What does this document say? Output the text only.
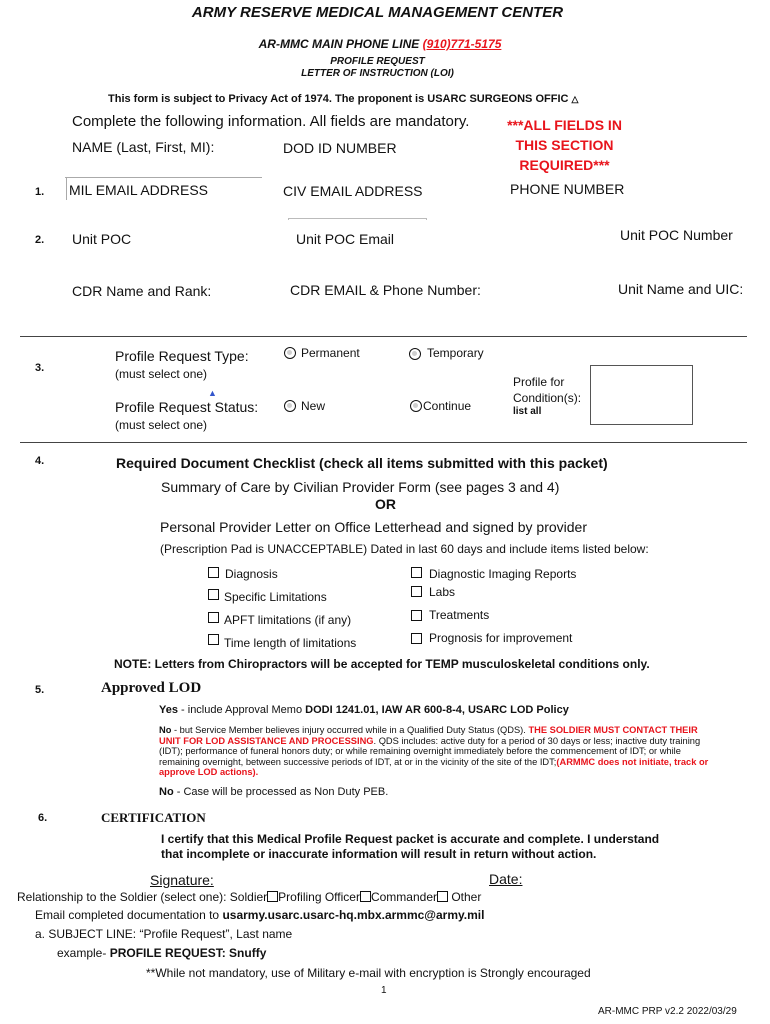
ARMY RESERVE MEDICAL MANAGEMENT CENTER
AR-MMC MAIN PHONE LINE (910)771-5175
PROFILE REQUEST
LETTER OF INSTRUCTION (LOI)
This form is subject to Privacy Act of 1974. The proponent is USARC SURGEONS OFFIC △
Complete the following information. All fields are mandatory.	***ALL FIELDS IN
THIS SECTION
REQUIRED***
NAME (Last, First, MI):	DOD ID NUMBER
1. MIL EMAIL ADDRESS	CIV EMAIL ADDRESS	PHONE NUMBER
2. Unit POC	Unit POC Email	Unit POC Number
CDR Name and Rank:	CDR EMAIL & Phone Number:	Unit Name and UIC:
3.
Profile Request Type:
(must select one)
Permanent	Temporary
▲
Profile Request Status:
(must select one)
New	Continue
Profile for
Condition(s):
list all
4.	Required Document Checklist (check all items submitted with this packet)
Summary of Care by Civilian Provider Form (see pages 3 and 4)
OR
Personal Provider Letter on Office Letterhead and signed by provider
(Prescription Pad is UNACCEPTABLE) Dated in last 60 days and include items listed below:
Diagnosis
Specific Limitations
APFT limitations (if any)
Time length of limitations
Diagnostic Imaging Reports
Labs
Treatments
Prognosis for improvement
NOTE: Letters from Chiropractors will be accepted for TEMP musculoskeletal conditions only.
5.	Approved LOD
Yes - include Approval Memo DODI 1241.01, IAW AR 600-8-4, USARC LOD Policy
No - but Service Member believes injury occurred while in a Qualified Duty Status (QDS). THE SOLDIER MUST CONTACT THEIR UNIT FOR LOD ASSISTANCE AND PROCESSING. QDS includes: active duty for a period of 30 days or less; inactive duty training (IDT); performance of funeral honors duty; or while remaining overnight immediately before the commencement of IDT; or while remaining overnight, between successive periods of IDT, at or in the vicinity of the site of the IDT;(ARMMC does not initiate, track or approve LOD actions).
No - Case will be processed as Non Duty PEB.
6.	CERTIFICATION
I certify that this Medical Profile Request packet is accurate and complete. I understand
that incomplete or inaccurate information will result in return without action.
Signature:	Date:
Relationship to the Soldier (select one): Soldier Profiling Officer Commander Other
Email completed documentation to usarmy.usarc.usarc-hq.mbx.armmc@army.mil
a. SUBJECT LINE: “Profile Request”, Last name
example- PROFILE REQUEST: Snuffy
**While not mandatory, use of Military e-mail with encryption is Strongly encouraged
1
AR-MMC PRP v2.2 2022/03/29
